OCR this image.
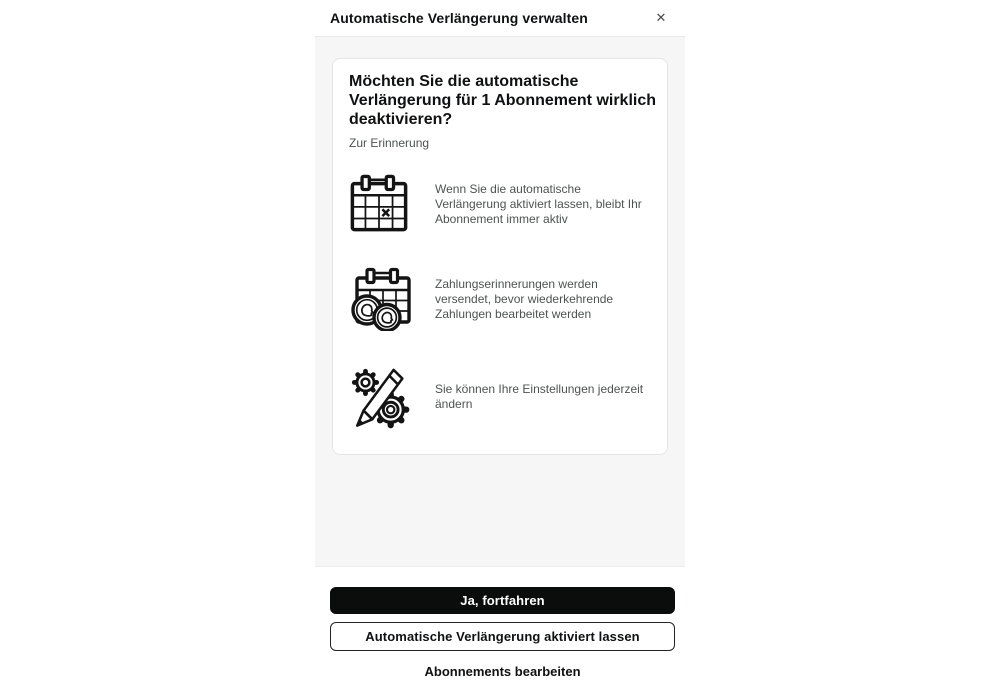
Automatische Verlängerung verwalten	✕
Möchten Sie die automatische Verlängerung für 1 Abonnement wirklich deaktivieren?
Zur Erinnerung
Wenn Sie die automatische Verlängerung aktiviert lassen, bleibt Ihr Abonnement immer aktiv
Zahlungserinnerungen werden versendet, bevor wiederkehrende Zahlungen bearbeitet werden
Sie können Ihre Einstellungen jederzeit ändern
Ja, fortfahren
Automatische Verlängerung aktiviert lassen
Abonnements bearbeiten
